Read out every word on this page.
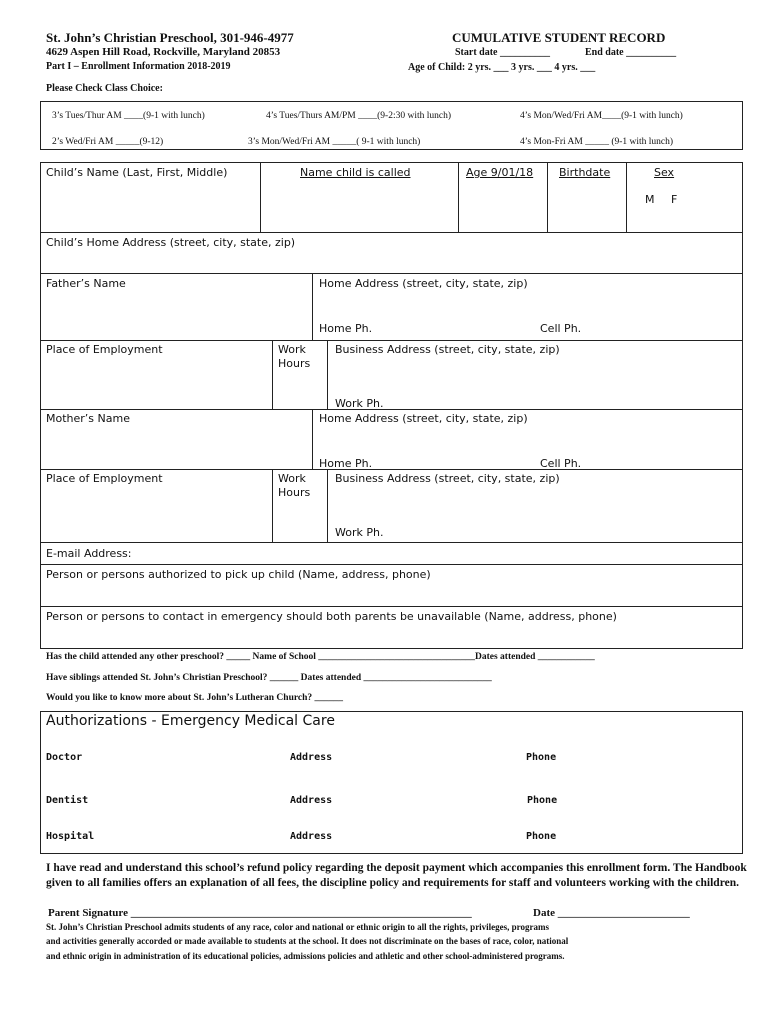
St. John’s Christian Preschool, 301-946-4977
4629 Aspen Hill Road, Rockville, Maryland 20853
Part I – Enrollment Information 2018-2019
CUMULATIVE STUDENT RECORD
Start date __________	End date __________
Age of Child: 2 yrs. ___ 3 yrs. ___ 4 yrs. ___
Please Check Class Choice:
3’s Tues/Thur AM ____(9-1 with lunch)	4’s Tues/Thurs AM/PM ____(9-2:30 with lunch)	4’s Mon/Wed/Fri AM____(9-1 with lunch)
2’s Wed/Fri AM _____(9-12)	3’s Mon/Wed/Fri AM _____( 9-1 with lunch)	4’s Mon-Fri AM _____ (9-1 with lunch)
Child’s Name (Last, First, Middle)	Name child is called	Age 9/01/18 Birthdate	Sex
M F
Child’s Home Address (street, city, state, zip)
Father’s Name	Home Address (street, city, state, zip)
Home Ph.	Cell Ph.
Place of Employment	Work
Hours
Business Address (street, city, state, zip)
Work Ph.
Mother’s Name	Home Address (street, city, state, zip)
Home Ph.	Cell Ph.
Place of Employment	Work
Hours
Business Address (street, city, state, zip)
Work Ph.
E-mail Address:
Person or persons authorized to pick up child (Name, address, phone)
Person or persons to contact in emergency should both parents be unavailable (Name, address, phone)
Has the child attended any other preschool? _____ Name of School _________________________________Dates attended ____________
Have siblings attended St. John’s Christian Preschool? ______ Dates attended ___________________________
Would you like to know more about St. John’s Lutheran Church? ______
Authorizations - Emergency Medical Care
Doctor	Address	Phone
Dentist	Address	Phone
Hospital	Address	Phone
I have read and understand this school’s refund policy regarding the deposit payment which accompanies this enrollment form. The Handbook given to all families offers an explanation of all fees, the discipline policy and requirements for staff and volunteers working with the children.
Parent Signature ______________________________________________________________	Date ________________________
St. John’s Christian Preschool admits students of any race, color and national or ethnic origin to all the rights, privileges, programs
and activities generally accorded or made available to students at the school. It does not discriminate on the bases of race, color, national
and ethnic origin in administration of its educational policies, admissions policies and athletic and other school-administered programs.
